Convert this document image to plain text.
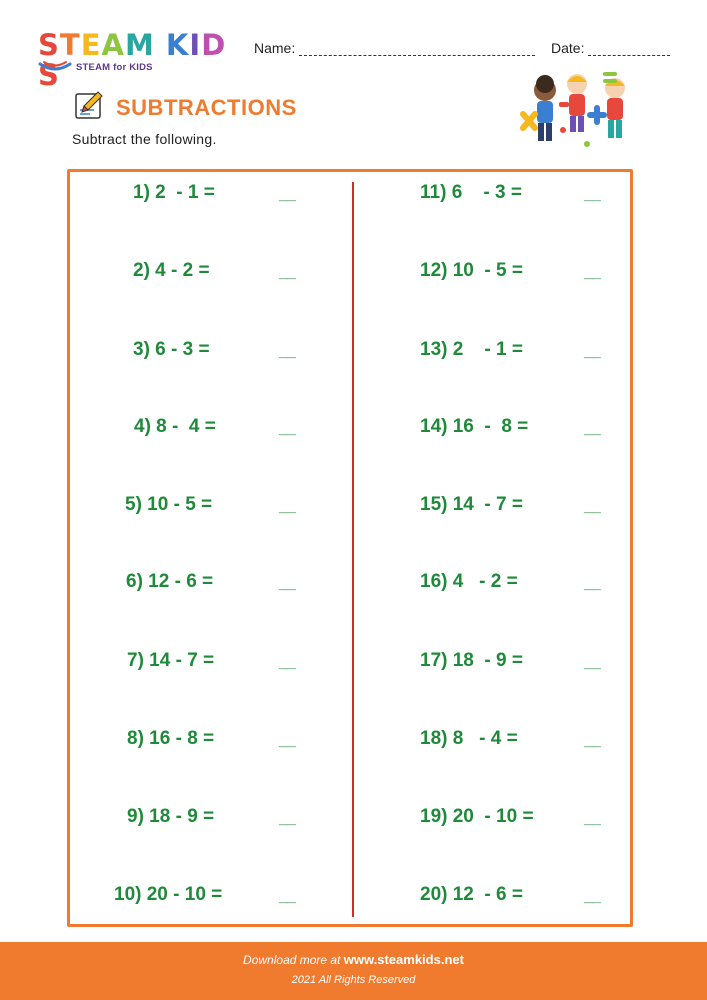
STEAM KIDS	STEAM for KIDS
Name:	Date:
SUBTRACTIONS
Subtract the following.
1) 2  - 1 =	__
2) 4 - 2 =	__
3) 6 - 3 =	__
4) 8 -  4 =	__
5) 10 - 5 =	__
6) 12 - 6 =	__
7) 14 - 7 =	__
8) 16 - 8 =	__
9) 18 - 9 =	__
10) 20 - 10 =	__
11) 6    - 3 =	__
12) 10  - 5 =	__
13) 2    - 1 =	__
14) 16  -  8 =	__
15) 14  - 7 =	__
16) 4   - 2 =	__
17) 18  - 9 =	__
18) 8   - 4 =	__
19) 20  - 10 =	__
20) 12  - 6 =	__
Download more at www.steamkids.net
2021 All Rights Reserved
